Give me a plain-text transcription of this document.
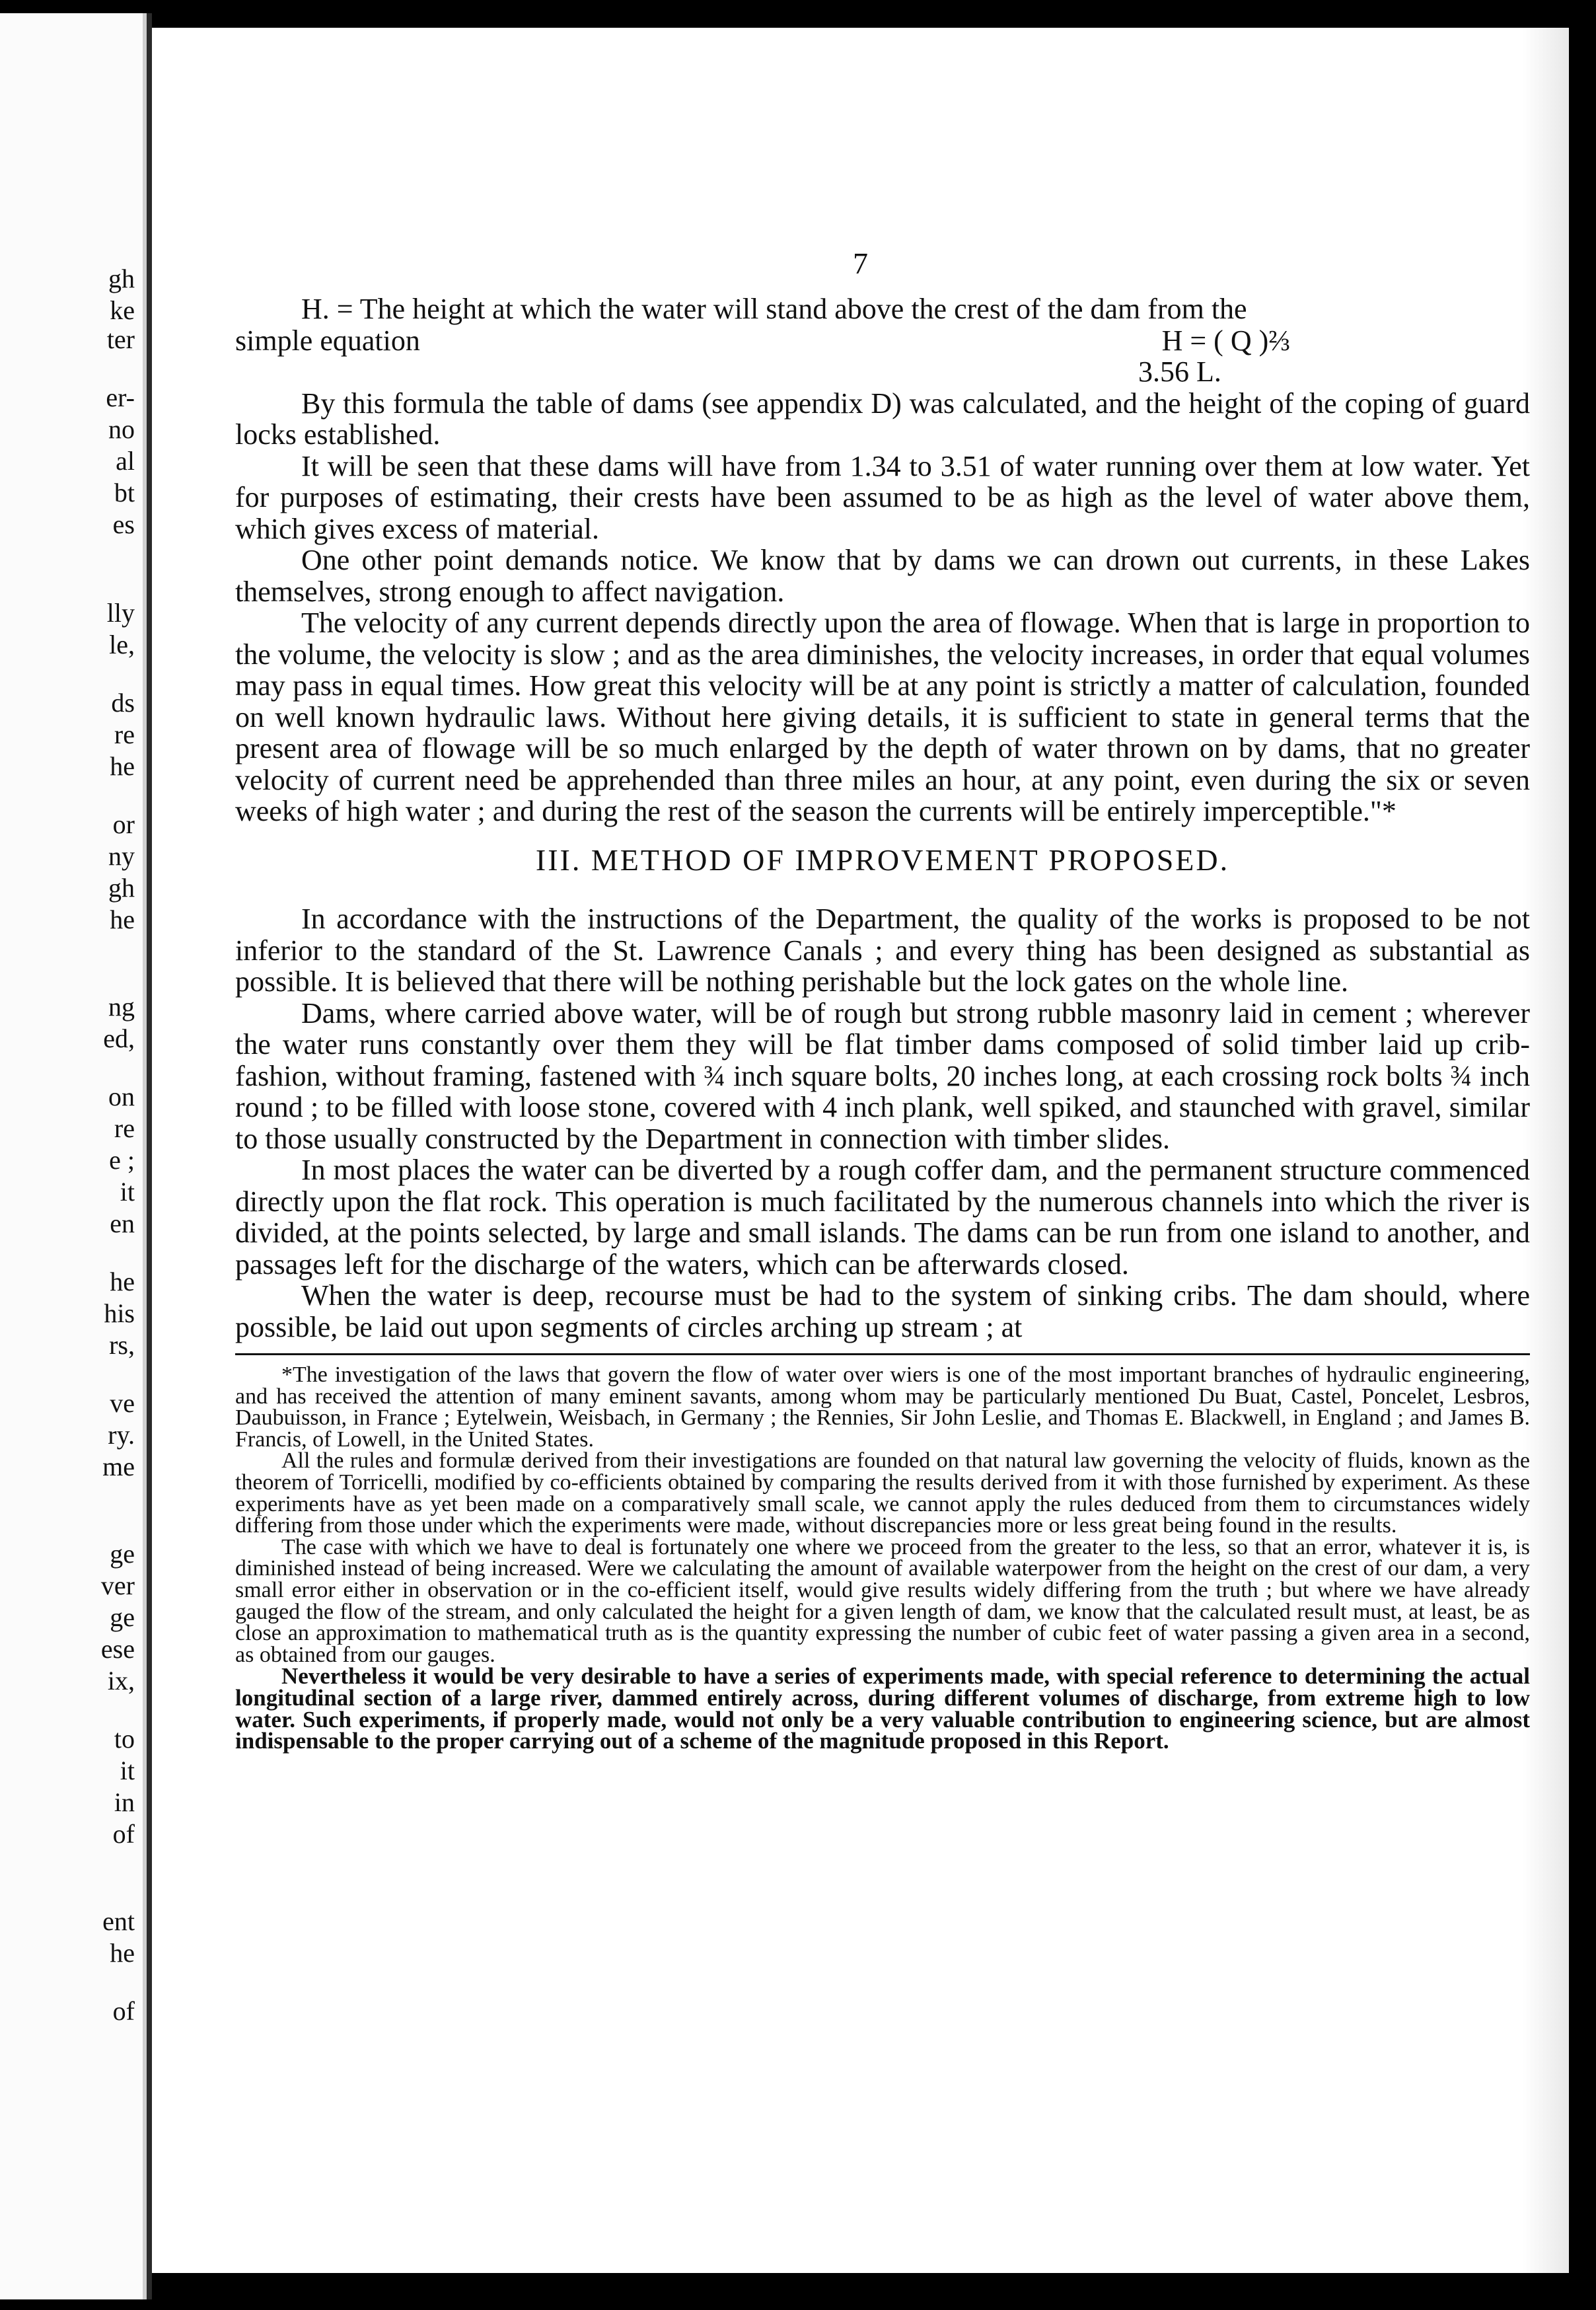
gh
ke
ter
er-
no
al
bt
es
lly
le,
ds
re
he
or
ny
gh
he
ng
ed,
on
re
e ;
it
en
he
his
rs,
ve
ry.
me
ge
ver
ge
ese
ix,
to
it
in
of
ent
he
of
7

H. = The height at which the water will stand above the crest of the dam from the

simple equation	H = ( Q )⅔
3.56 L.

By this formula the table of dams (see appendix D) was calculated, and the height of the coping of guard locks established.

It will be seen that these dams will have from 1.34 to 3.51 of water running over them at low water. Yet for purposes of estimating, their crests have been assumed to be as high as the level of water above them, which gives excess of material.

One other point demands notice. We know that by dams we can drown out currents, in these Lakes themselves, strong enough to affect navigation.

The velocity of any current depends directly upon the area of flowage. When that is large in proportion to the volume, the velocity is slow ; and as the area diminishes, the velocity increases, in order that equal volumes may pass in equal times. How great this velocity will be at any point is strictly a matter of calculation, founded on well known hydraulic laws. Without here giving details, it is sufficient to state in general terms that the present area of flowage will be so much enlarged by the depth of water thrown on by dams, that no greater velocity of current need be apprehended than three miles an hour, at any point, even during the six or seven weeks of high water ; and during the rest of the season the currents will be entirely imperceptible."*

III. METHOD OF IMPROVEMENT PROPOSED.

In accordance with the instructions of the Department, the quality of the works is proposed to be not inferior to the standard of the St. Lawrence Canals ; and every thing has been designed as substantial as possible. It is believed that there will be nothing perishable but the lock gates on the whole line.

Dams, where carried above water, will be of rough but strong rubble masonry laid in cement ; wherever the water runs constantly over them they will be flat timber dams composed of solid timber laid up crib-fashion, without framing, fastened with ¾ inch square bolts, 20 inches long, at each crossing rock bolts ¾ inch round ; to be filled with loose stone, covered with 4 inch plank, well spiked, and staunched with gravel, similar to those usually constructed by the Department in connection with timber slides.

In most places the water can be diverted by a rough coffer dam, and the permanent structure commenced directly upon the flat rock. This operation is much facilitated by the numerous channels into which the river is divided, at the points selected, by large and small islands. The dams can be run from one island to another, and passages left for the discharge of the waters, which can be afterwards closed.

When the water is deep, recourse must be had to the system of sinking cribs. The dam should, where possible, be laid out upon segments of circles arching up stream ; at

*The investigation of the laws that govern the flow of water over wiers is one of the most important branches of hydraulic engineering, and has received the attention of many eminent savants, among whom may be particularly mentioned Du Buat, Castel, Poncelet, Lesbros, Daubuisson, in France ; Eytelwein, Weisbach, in Germany ; the Rennies, Sir John Leslie, and Thomas E. Blackwell, in England ; and James B. Francis, of Lowell, in the United States.

All the rules and formulæ derived from their investigations are founded on that natural law governing the velocity of fluids, known as the theorem of Torricelli, modified by co-efficients obtained by comparing the results derived from it with those furnished by experiment. As these experiments have as yet been made on a comparatively small scale, we cannot apply the rules deduced from them to circumstances widely differing from those under which the experiments were made, without discrepancies more or less great being found in the results.

The case with which we have to deal is fortunately one where we proceed from the greater to the less, so that an error, whatever it is, is diminished instead of being increased. Were we calculating the amount of available waterpower from the height on the crest of our dam, a very small error either in observation or in the co-efficient itself, would give results widely differing from the truth ; but where we have already gauged the flow of the stream, and only calculated the height for a given length of dam, we know that the calculated result must, at least, be as close an approximation to mathematical truth as is the quantity expressing the number of cubic feet of water passing a given area in a second, as obtained from our gauges.

Nevertheless it would be very desirable to have a series of experiments made, with special reference to determining the actual longitudinal section of a large river, dammed entirely across, during different volumes of discharge, from extreme high to low water. Such experiments, if properly made, would not only be a very valuable contribution to engineering science, but are almost indispensable to the proper carrying out of a scheme of the magnitude proposed in this Report.
